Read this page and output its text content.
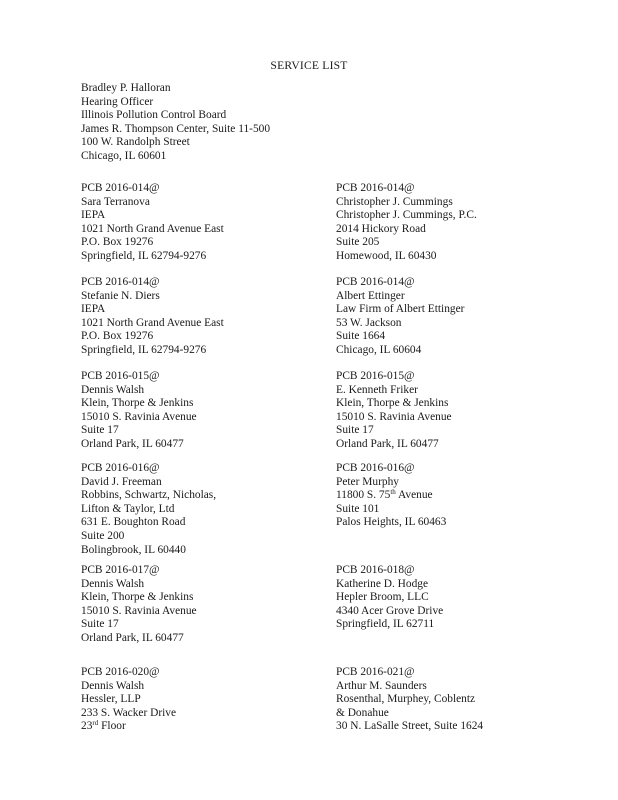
SERVICE LIST
Bradley P. Halloran
Hearing Officer
Illinois Pollution Control Board
James R. Thompson Center, Suite 11-500
100 W. Randolph Street
Chicago, IL 60601
PCB 2016-014@
Sara Terranova
IEPA
1021 North Grand Avenue East
P.O. Box 19276
Springfield, IL 62794-9276
PCB 2016-014@
Christopher J. Cummings
Christopher J. Cummings, P.C.
2014 Hickory Road
Suite 205
Homewood, IL 60430
PCB 2016-014@
Stefanie N. Diers
IEPA
1021 North Grand Avenue East
P.O. Box 19276
Springfield, IL 62794-9276
PCB 2016-014@
Albert Ettinger
Law Firm of Albert Ettinger
53 W. Jackson
Suite 1664
Chicago, IL 60604
PCB 2016-015@
Dennis Walsh
Klein, Thorpe & Jenkins
15010 S. Ravinia Avenue
Suite 17
Orland Park, IL 60477
PCB 2016-015@
E. Kenneth Friker
Klein, Thorpe & Jenkins
15010 S. Ravinia Avenue
Suite 17
Orland Park, IL 60477
PCB 2016-016@
David J. Freeman
Robbins, Schwartz, Nicholas,
Lifton & Taylor, Ltd
631 E. Boughton Road
Suite 200
Bolingbrook, IL 60440
PCB 2016-016@
Peter Murphy
11800 S. 75th Avenue
Suite 101
Palos Heights, IL 60463
PCB 2016-017@
Dennis Walsh
Klein, Thorpe & Jenkins
15010 S. Ravinia Avenue
Suite 17
Orland Park, IL 60477
PCB 2016-018@
Katherine D. Hodge
Hepler Broom, LLC
4340 Acer Grove Drive
Springfield, IL 62711
PCB 2016-020@
Dennis Walsh
Hessler, LLP
233 S. Wacker Drive
23rd Floor
PCB 2016-021@
Arthur M. Saunders
Rosenthal, Murphey, Coblentz
& Donahue
30 N. LaSalle Street, Suite 1624
